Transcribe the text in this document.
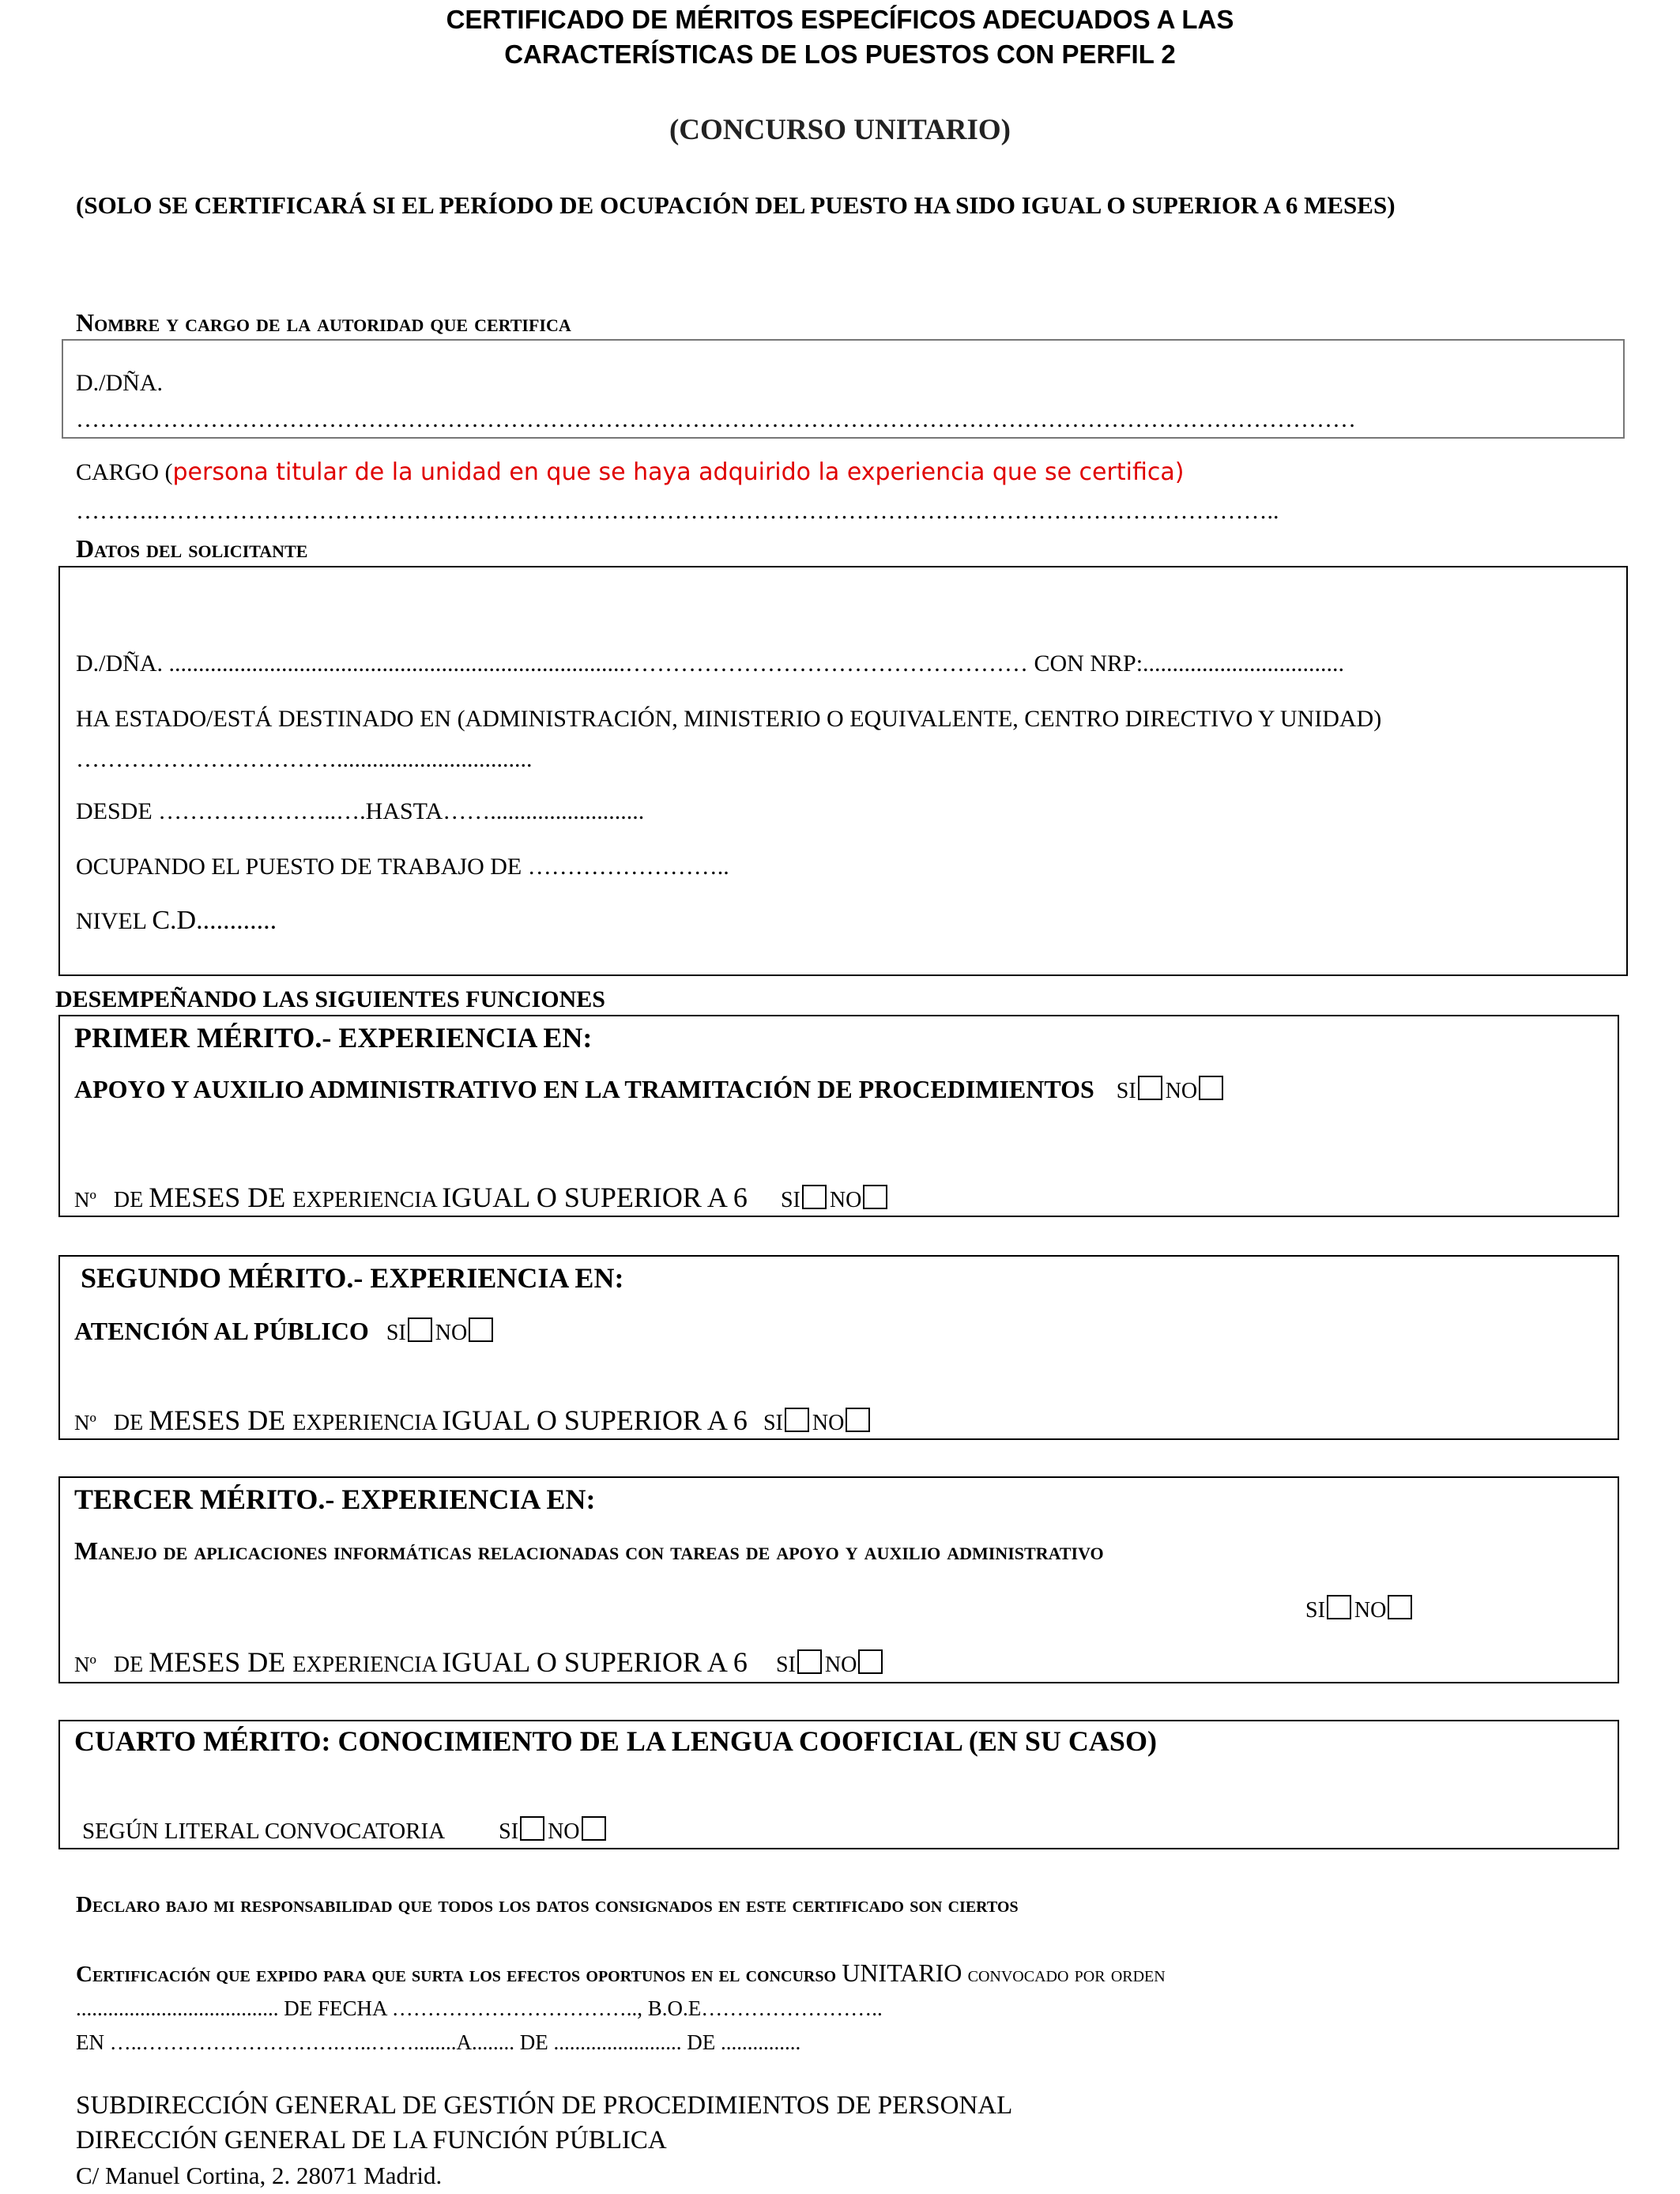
CERTIFICADO DE MÉRITOS ESPECÍFICOS ADECUADOS A LAS
CARACTERÍSTICAS DE LOS PUESTOS CON PERFIL 2
(CONCURSO UNITARIO)
(SOLO SE CERTIFICARÁ SI EL PERÍODO DE OCUPACIÓN DEL PUESTO HA SIDO IGUAL O SUPERIOR A 6 MESES)
Nombre y cargo de la autoridad que certifica
D./DÑA.
………………………………………………………………………………………………………………………………………………
CARGO (persona titular de la unidad en que se haya adquirido la experiencia que se certifica)
……….……………………………………………………………………………………………………………………………..
Datos del solicitante
D./DÑA. .............................................................................…………………………………………… CON NRP:..................................
HA ESTADO/ESTÁ DESTINADO EN (ADMINISTRACIÓN, MINISTERIO O EQUIVALENTE, CENTRO DIRECTIVO Y UNIDAD)
…………………………….................................
DESDE …………………..….HASTA……..........................
OCUPANDO EL PUESTO DE TRABAJO DE ……………………..
NIVEL C.D............
DESEMPEÑANDO LAS SIGUIENTES FUNCIONES
PRIMER MÉRITO.- EXPERIENCIA EN:
APOYO Y AUXILIO ADMINISTRATIVO EN LA TRAMITACIÓN DE PROCEDIMIENTOS SI NO
Nº DE MESES DE EXPERIENCIA IGUAL O SUPERIOR A 6 SI NO
SEGUNDO MÉRITO.- EXPERIENCIA EN:
ATENCIÓN AL PÚBLICO SI NO
Nº DE MESES DE EXPERIENCIA IGUAL O SUPERIOR A 6 SI NO
TERCER MÉRITO.- EXPERIENCIA EN:
Manejo de aplicaciones informáticas relacionadas con tareas de apoyo y auxilio administrativo
SI NO
Nº DE MESES DE EXPERIENCIA IGUAL O SUPERIOR A 6 SI NO
CUARTO MÉRITO: CONOCIMIENTO DE LA LENGUA COOFICIAL (EN SU CASO)
SEGÚN LITERAL CONVOCATORIA SI NO
Declaro bajo mi responsabilidad que todos los datos consignados en este certificado son ciertos
Certificación que expido para que surta los efectos oportunos en el concurso UNITARIO convocado por orden
...................................... DE FECHA …………………………….., B.O.E……………………..
EN …..……………………….…..……........A........ DE ........................ DE ...............
SUBDIRECCIÓN GENERAL DE GESTIÓN DE PROCEDIMIENTOS DE PERSONAL
DIRECCIÓN GENERAL DE LA FUNCIÓN PÚBLICA
C/ Manuel Cortina, 2. 28071 Madrid.
